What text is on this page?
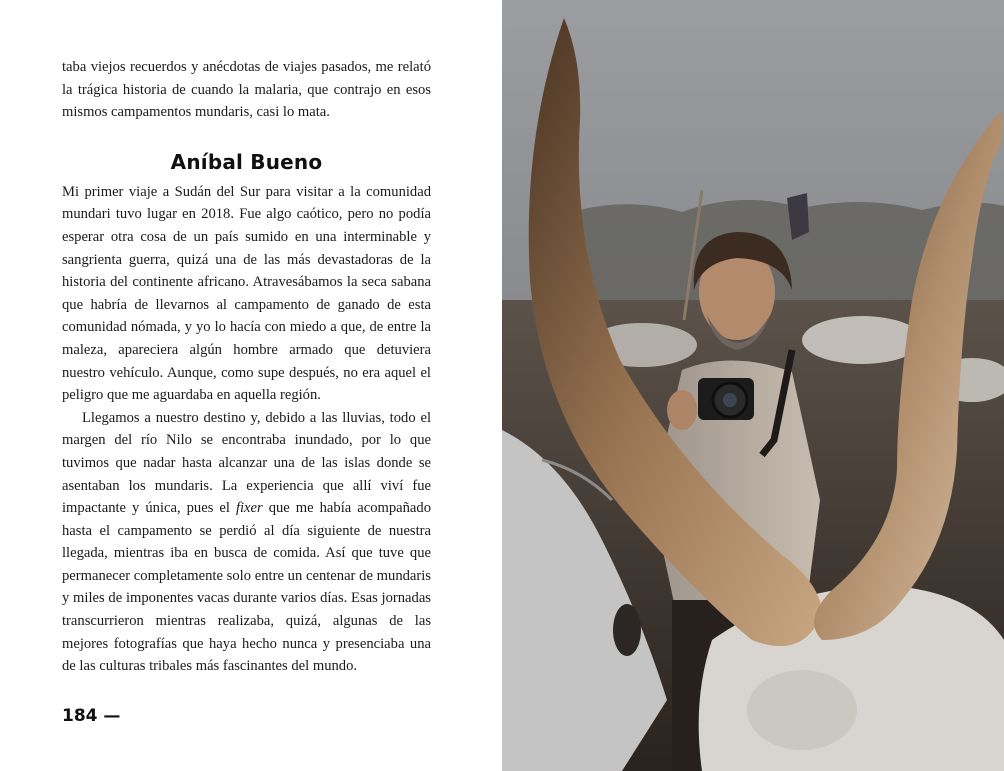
taba viejos recuerdos y anécdotas de viajes pasados, me relató la trágica historia de cuando la malaria, que contrajo en esos mismos campamentos mundaris, casi lo mata.

Aníbal Bueno

Mi primer viaje a Sudán del Sur para visitar a la comunidad mundari tuvo lugar en 2018. Fue algo caótico, pero no podía esperar otra cosa de un país sumido en una interminable y sangrienta guerra, quizá una de las más devastadoras de la historia del continente africano. Atravesábamos la seca sabana que habría de llevarnos al campamento de ganado de esta comunidad nómada, y yo lo hacía con miedo a que, de entre la maleza, apareciera algún hombre armado que detuviera nuestro vehículo. Aunque, como supe después, no era aquel el peligro que me aguardaba en aquella región.

Llegamos a nuestro destino y, debido a las lluvias, todo el margen del río Nilo se encontraba inundado, por lo que tuvimos que nadar hasta alcanzar una de las islas donde se asentaban los mundaris. La experiencia que allí viví fue impactante y única, pues el fixer que me había acompañado hasta el campamento se perdió al día siguiente de nuestra llegada, mientras iba en busca de comida. Así que tuve que permanecer completamente solo entre un centenar de mundaris y miles de imponentes vacas durante varios días. Esas jornadas transcurrieron mientras realizaba, quizá, algunas de las mejores fotografías que haya hecho nunca y presenciaba una de las culturas tribales más fascinantes del mundo.

184 —
